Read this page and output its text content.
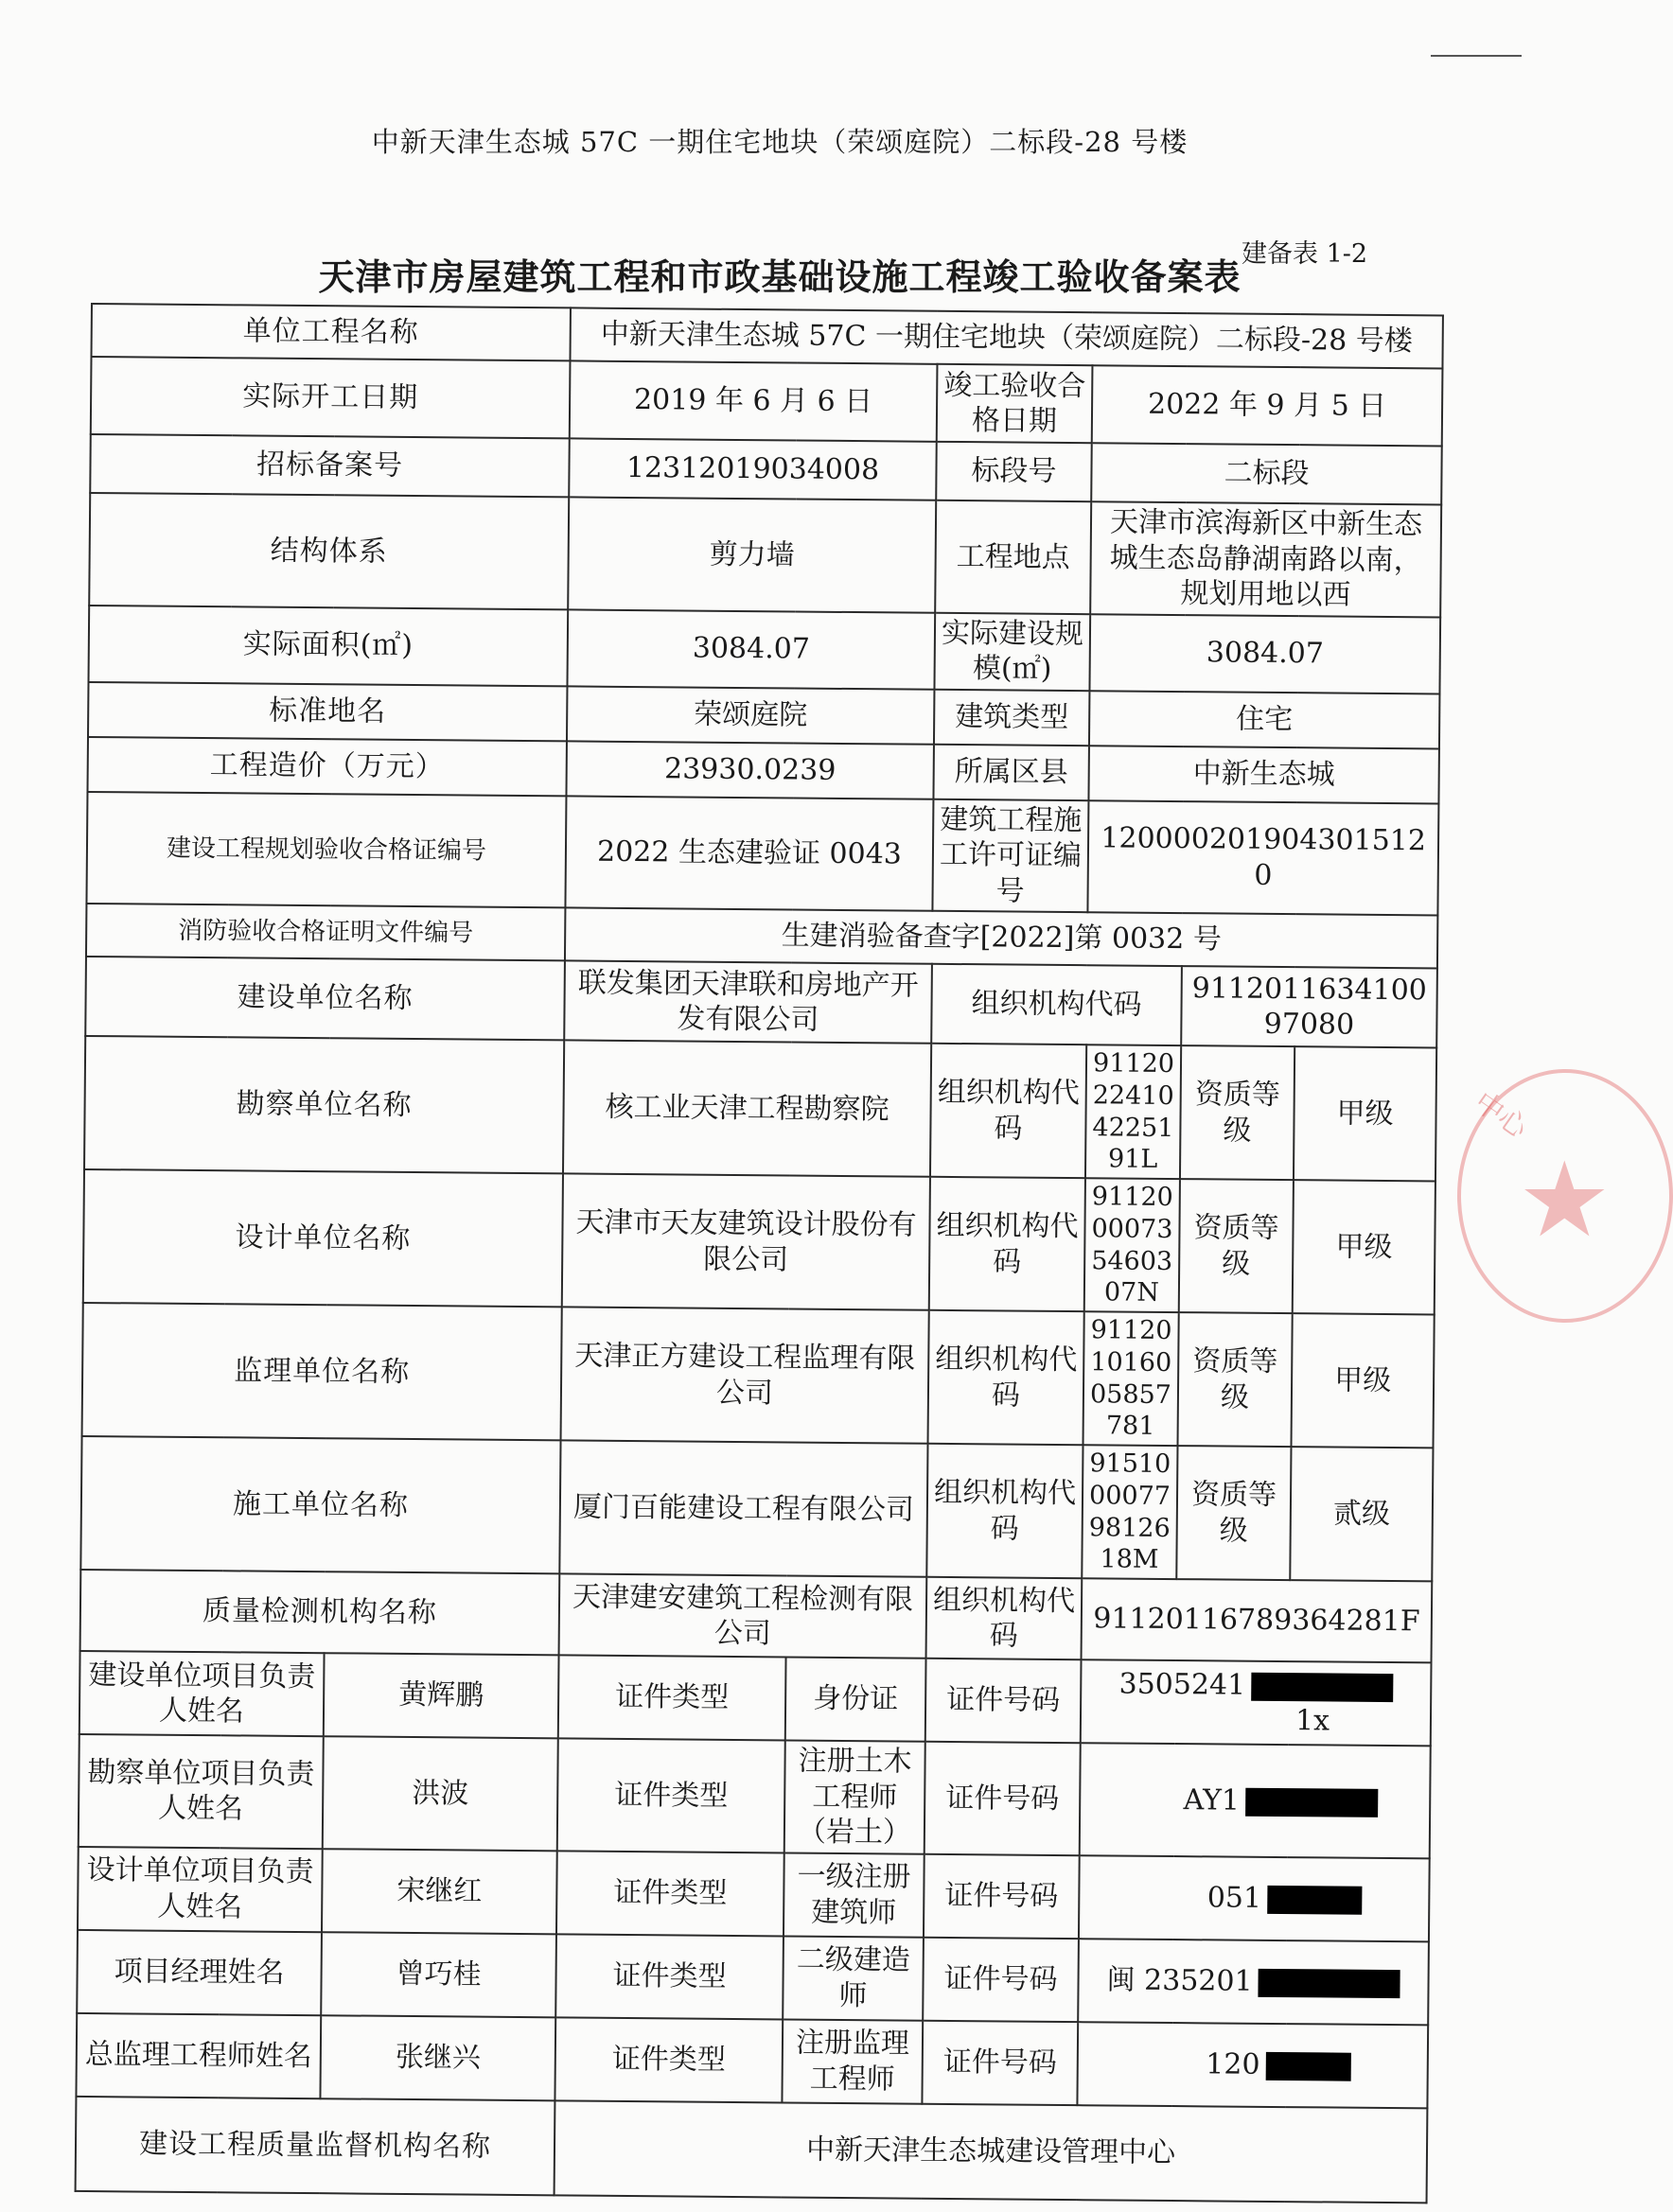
中新天津生态城 57C 一期住宅地块（荣颂庭院）二标段-28 号楼
建备表 1-2
天津市房屋建筑工程和市政基础设施工程竣工验收备案表
单位工程名称		中新天津生态城 57C 一期住宅地块（荣颂庭院）二标段-28 号楼					
实际开工日期		2019 年 6 月 6 日		竣工验收合格日期	2022 年 9 月 5 日		
招标备案号		12312019034008		标段号	二标段		
结构体系		剪力墙		工程地点	天津市滨海新区中新生态城生态岛静湖南路以南，规划用地以西		
实际面积(㎡)		3084.07		实际建设规模(㎡)	3084.07		
标准地名		荣颂庭院		建筑类型	住宅		
工程造价（万元）		23930.0239		所属区县	中新生态城		
建设工程规划验收合格证编号		2022 生态建验证 0043		建筑工程施工许可证编号	120000201904301512​0		
消防验收合格证明文件编号		生建消验备查字[2022]第 0032 号					
建设单位名称		联发集团天津联和房地产开发有限公司		组织机构代码		911201163410097080	
勘察单位名称		核工业天津工程勘察院		组织机构代码	91120224104225191L	资质等级	甲级
设计单位名称		天津市天友建筑设计股份有限公司		组织机构代码	91120000735460307N	资质等级	甲级
监理单位名称		天津正方建设工程监理有限公司		组织机构代码	911201016005857781	资质等级	甲级
施工单位名称		厦门百能建设工程有限公司		组织机构代码	91510000779812618M	资质等级	贰级
质量检测机构名称		天津建安建筑工程检测有限公司		组织机构代码	91120116789364281F		
建设单位项目负责人姓名	黄辉鹏	证件类型	身份证	证件号码	3505241
1x		

勘察单位项目负责人姓名	洪波	证件类型	注册土木工程师（岩土）	证件号码	AY1		
设计单位项目负责人姓名	宋继红	证件类型	一级注册建筑师	证件号码	051		
项目经理姓名	曾巧桂	证件类型	二级建造师	证件号码	闽 235201		
总监理工程师姓名	张继兴	证件类型	注册监理工程师	证件号码	120		
建设工程质量监督机构名称		中新天津生态城建设管理中心					
中心
★
